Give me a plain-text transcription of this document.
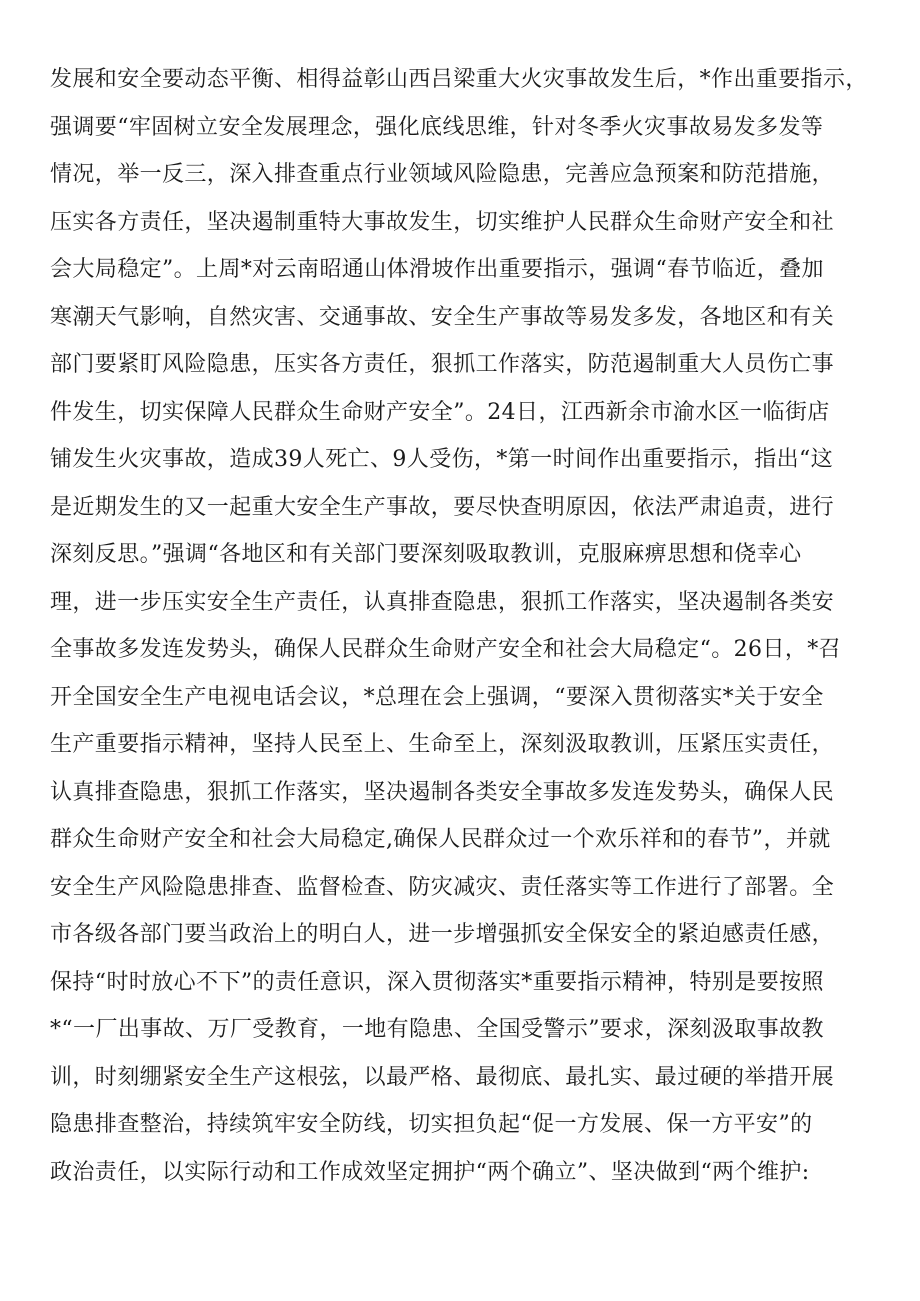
发展和安全要动态平衡、相得益彰山西吕梁重大火灾事故发生后，*作出重要指示，
强调要“牢固树立安全发展理念，强化底线思维，针对冬季火灾事故易发多发等
情况，举一反三，深入排查重点行业领域风险隐患，完善应急预案和防范措施，
压实各方责任，坚决遏制重特大事故发生，切实维护人民群众生命财产安全和社
会大局稳定”。上周*对云南昭通山体滑坡作出重要指示，强调“春节临近，叠加
寒潮天气影响，自然灾害、交通事故、安全生产事故等易发多发，各地区和有关
部门要紧盯风险隐患，压实各方责任，狠抓工作落实，防范遏制重大人员伤亡事
件发生，切实保障人民群众生命财产安全”。24日，江西新余市渝水区一临街店
铺发生火灾事故，造成39人死亡、9人受伤，*第一时间作出重要指示，指出“这
是近期发生的又一起重大安全生产事故，要尽快查明原因，依法严肃追责，进行
深刻反思。”强调“各地区和有关部门要深刻吸取教训，克服麻痹思想和侥幸心
理，进一步压实安全生产责任，认真排查隐患，狠抓工作落实，坚决遏制各类安
全事故多发连发势头，确保人民群众生命财产安全和社会大局稳定“。26日，*召
开全国安全生产电视电话会议，*总理在会上强调，“要深入贯彻落实*关于安全
生产重要指示精神，坚持人民至上、生命至上，深刻汲取教训，压紧压实责任，
认真排查隐患，狠抓工作落实，坚决遏制各类安全事故多发连发势头，确保人民
群众生命财产安全和社会大局稳定,确保人民群众过一个欢乐祥和的春节”，并就
安全生产风险隐患排查、监督检查、防灾减灾、责任落实等工作进行了部署。全
市各级各部门要当政治上的明白人，进一步增强抓安全保安全的紧迫感责任感，
保持“时时放心不下”的责任意识，深入贯彻落实*重要指示精神，特别是要按照
*“一厂出事故、万厂受教育，一地有隐患、全国受警示”要求，深刻汲取事故教
训，时刻绷紧安全生产这根弦，以最严格、最彻底、最扎实、最过硬的举措开展
隐患排查整治，持续筑牢安全防线，切实担负起“促一方发展、保一方平安”的
政治责任，以实际行动和工作成效坚定拥护“两个确立”、坚决做到“两个维护:
